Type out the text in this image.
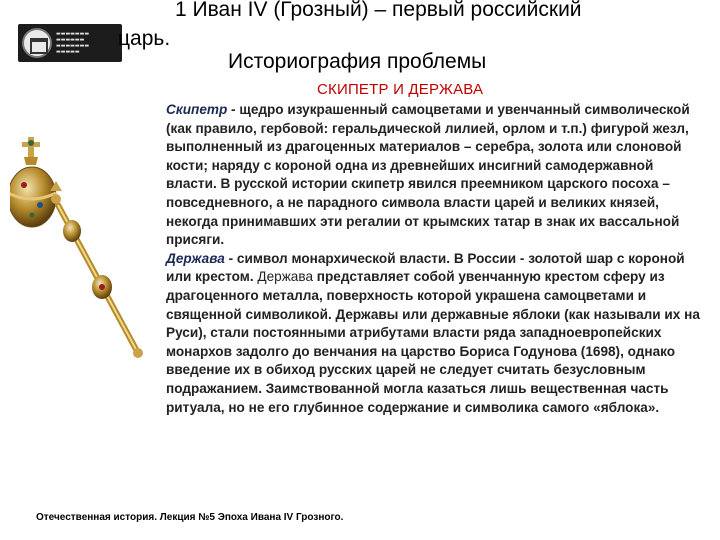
▬▬▬▬▬▬▬
▬▬▬▬▬▬
▬▬▬▬▬▬▬
▬▬▬▬▬
1 Иван IV (Грозный) – первый российский
царь.
Историография проблемы
СКИПЕТР И ДЕРЖАВА

Скипетр - щедро изукрашенный самоцветами и увенчанный символической (как правило, гербовой: геральдической лилией, орлом и т.п.) фигурой жезл, выполненный из драгоценных материалов – серебра, золота или слоновой кости; наряду с короной одна из древнейших инсигний самодержавной власти. В русской истории скипетр явился преемником царского посоха – повседневного, а не парадного символа власти царей и великих князей, некогда принимавших эти регалии от крымских татар в знак их вассальной присяги.

Держава - символ монархической власти. В России - золотой шар с короной или крестом. Держава представляет собой увенчанную крестом сферу из драгоценного металла, поверхность которой украшена самоцветами и священной символикой. Державы или державные яблоки (как называли их на Руси), стали постоянными атрибутами власти ряда западноевропейских монархов задолго до венчания на царство Бориса Годунова (1698), однако введение их в обиход русских царей не следует считать безусловным подражанием. Заимствованной могла казаться лишь вещественная часть ритуала, но не его глубинное содержание и символика самого «яблока».

Отечественная история. Лекция №5 Эпоха Ивана IV Грозного.
